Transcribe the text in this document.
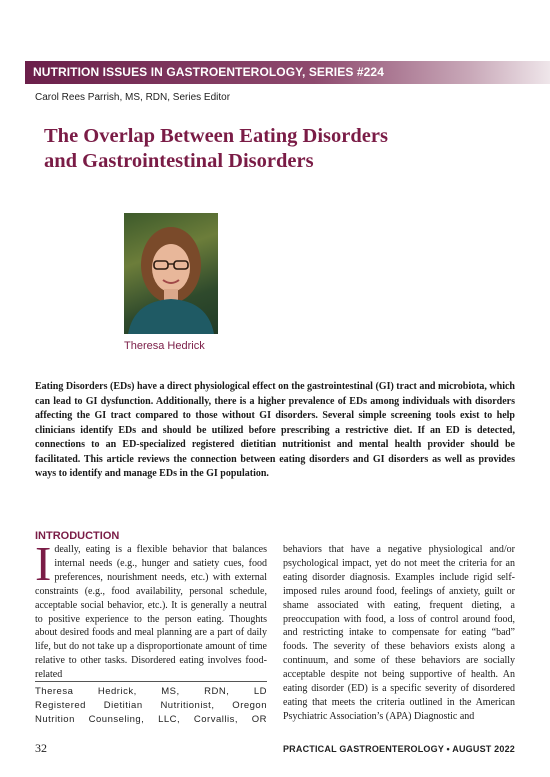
NUTRITION ISSUES IN GASTROENTEROLOGY, SERIES #224
Carol Rees Parrish, MS, RDN, Series Editor
The Overlap Between Eating Disorders
and Gastrointestinal Disorders
Theresa Hedrick
Eating Disorders (EDs) have a direct physiological effect on the gastrointestinal (GI) tract and microbiota, which can lead to GI dysfunction. Additionally, there is a higher prevalence of EDs among individuals with disorders affecting the GI tract compared to those without GI disorders. Several simple screening tools exist to help clinicians identify EDs and should be utilized before prescribing a restrictive diet. If an ED is detected, connections to an ED-specialized registered dietitian nutritionist and mental health provider should be facilitated. This article reviews the connection between eating disorders and GI disorders as well as provides ways to identify and manage EDs in the GI population.
INTRODUCTION
Ideally, eating is a flexible behavior that balances internal needs (e.g., hunger and satiety cues, food preferences, nourishment needs, etc.) with external constraints (e.g., food availability, personal schedule, acceptable social behavior, etc.). It is generally a neutral to positive experience to the person eating. Thoughts about desired foods and meal planning are a part of daily life, but do not take up a disproportionate amount of time relative to other tasks. Disordered eating involves food-related
behaviors that have a negative physiological and/or psychological impact, yet do not meet the criteria for an eating disorder diagnosis. Examples include rigid self-imposed rules around food, feelings of anxiety, guilt or shame associated with eating, frequent dieting, a preoccupation with food, a loss of control around food, and restricting intake to compensate for eating “bad” foods. The severity of these behaviors exists along a continuum, and some of these behaviors are socially acceptable despite not being supportive of health. An eating disorder (ED) is a specific severity of disordered eating that meets the criteria outlined in the American Psychiatric Association’s (APA) Diagnostic and
Theresa Hedrick, MS, RDN, LD
Registered Dietitian Nutritionist, Oregon
Nutrition Counseling, LLC, Corvallis, OR
32	PRACTICAL GASTROENTEROLOGY • AUGUST 2022
